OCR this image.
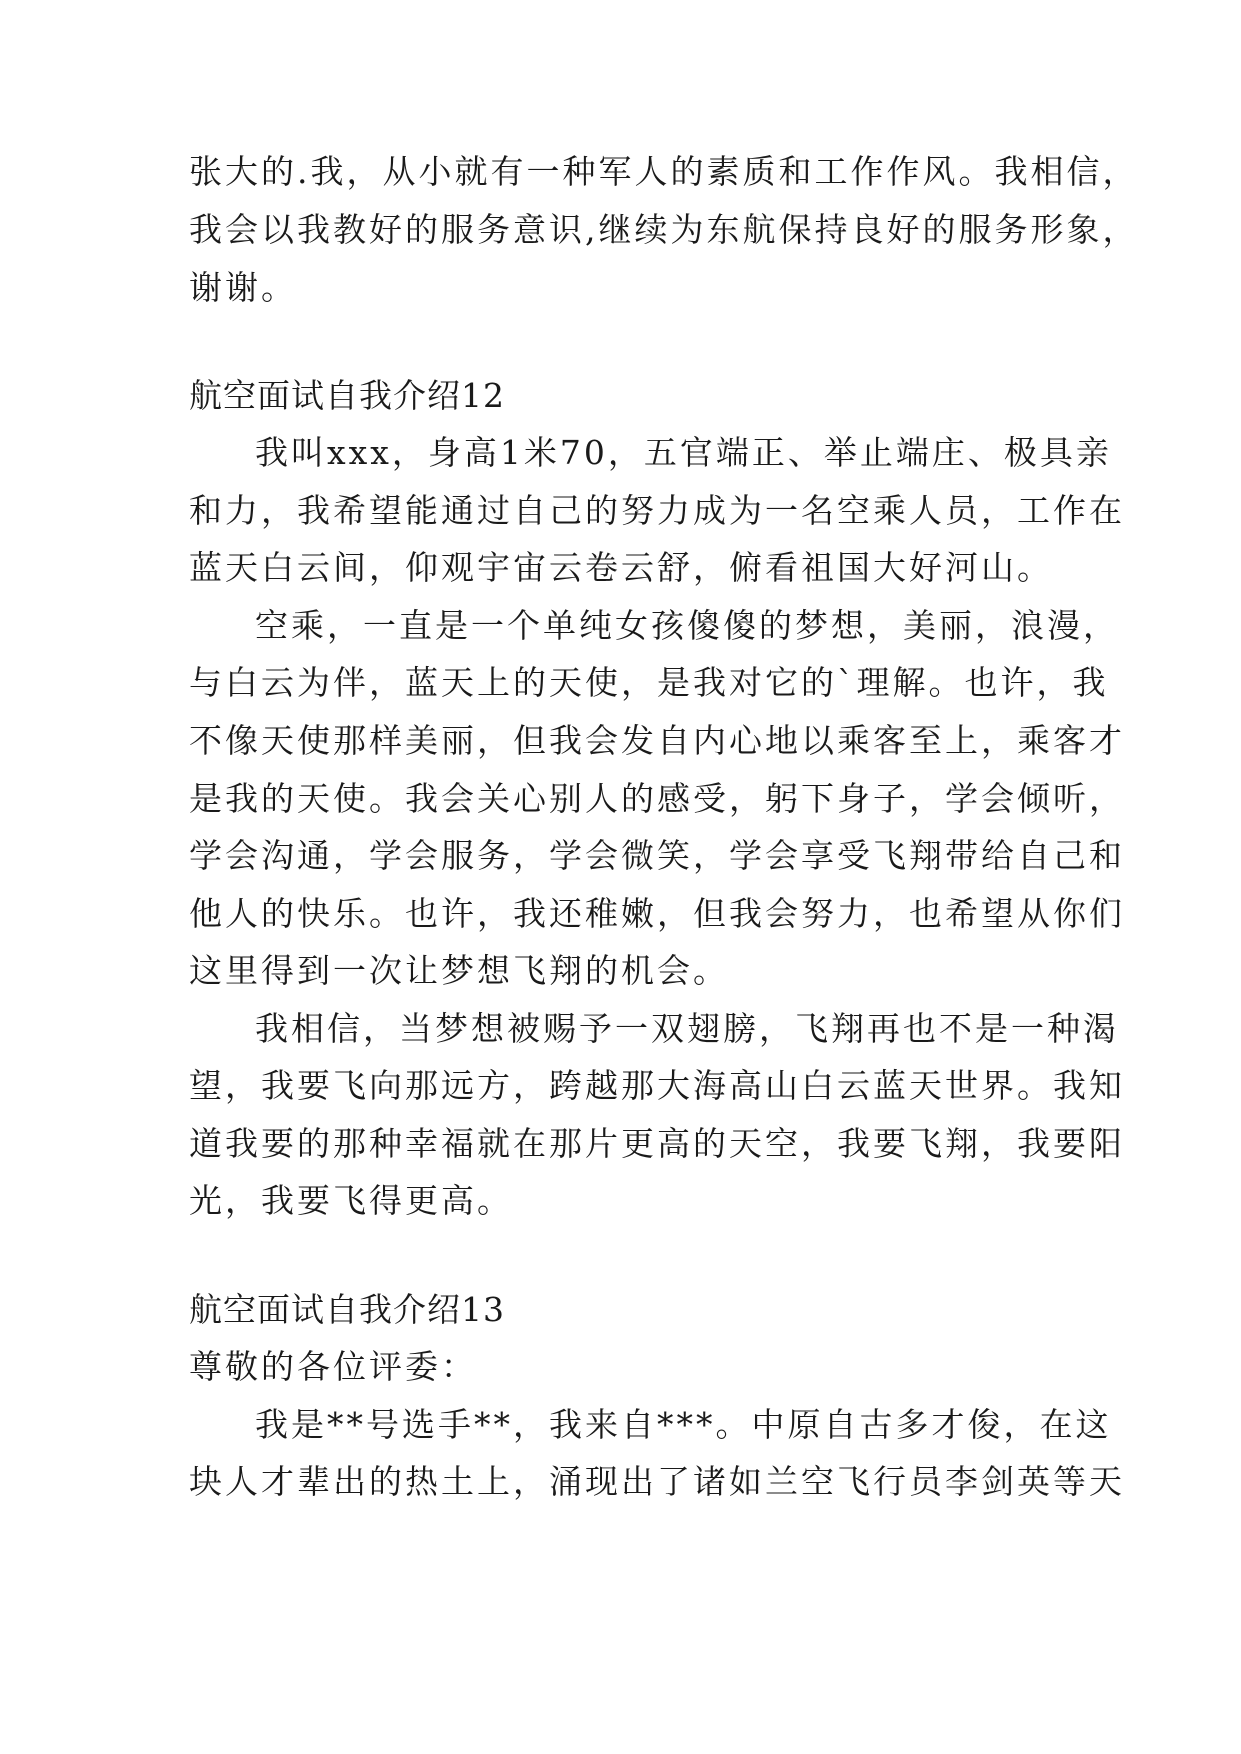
张大的.我，从小就有一种军人的素质和工作作风。我相信，
我会以我教好的服务意识,继续为东航保持良好的服务形象，
谢谢。
航空面试自我介绍12
我叫xxx，身高1米70，五官端正、举止端庄、极具亲
和力，我希望能通过自己的努力成为一名空乘人员，工作在
蓝天白云间，仰观宇宙云卷云舒，俯看祖国大好河山。
空乘，一直是一个单纯女孩傻傻的梦想，美丽，浪漫，
与白云为伴，蓝天上的天使，是我对它的`理解。也许，我
不像天使那样美丽，但我会发自内心地以乘客至上，乘客才
是我的天使。我会关心别人的感受，躬下身子，学会倾听，
学会沟通，学会服务，学会微笑，学会享受飞翔带给自己和
他人的快乐。也许，我还稚嫩，但我会努力，也希望从你们
这里得到一次让梦想飞翔的机会。
我相信，当梦想被赐予一双翅膀，飞翔再也不是一种渴
望，我要飞向那远方，跨越那大海高山白云蓝天世界。我知
道我要的那种幸福就在那片更高的天空，我要飞翔，我要阳
光，我要飞得更高。
航空面试自我介绍13
尊敬的各位评委：
我是**号选手**，我来自***。中原自古多才俊，在这
块人才辈出的热土上，涌现出了诸如兰空飞行员李剑英等天
